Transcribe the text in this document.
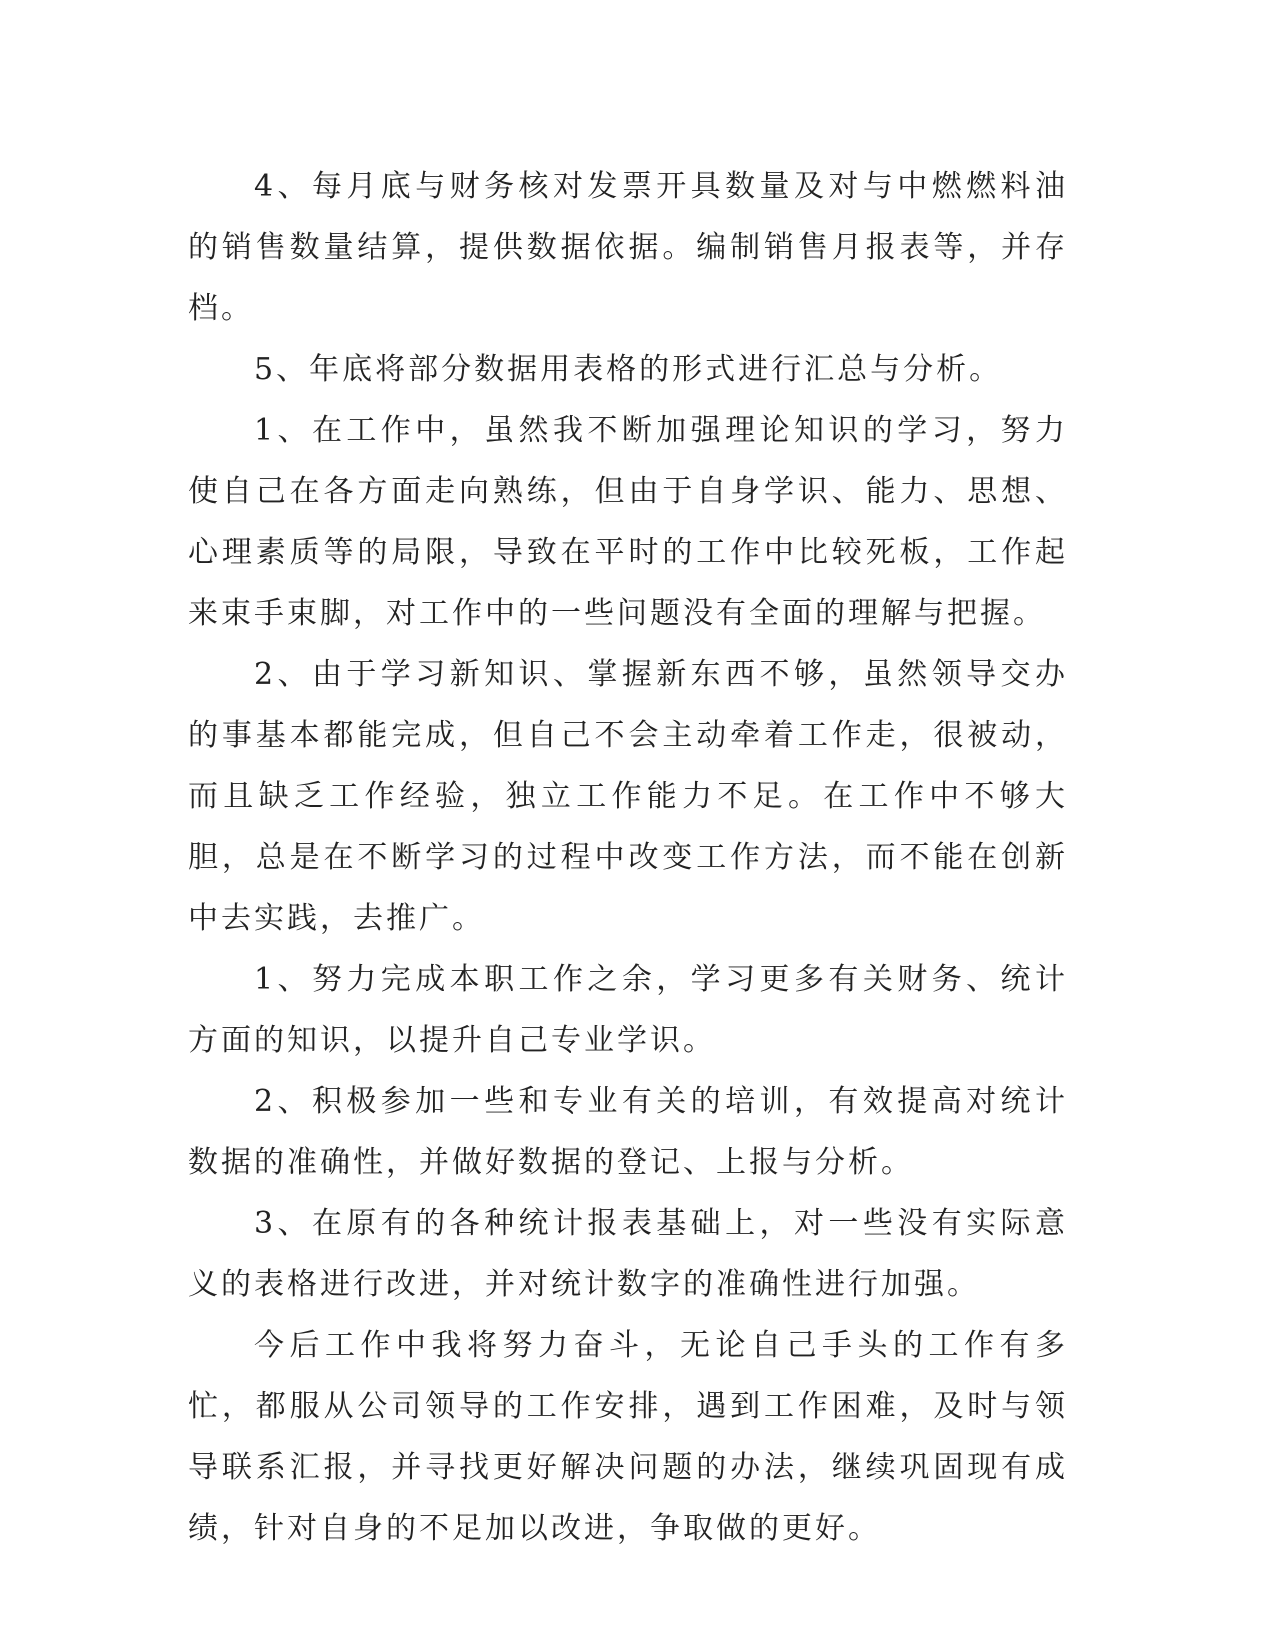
4、每月底与财务核对发票开具数量及对与中燃燃料油的销售数量结算，提供数据依据。编制销售月报表等，并存档。

5、年底将部分数据用表格的形式进行汇总与分析。

1、在工作中，虽然我不断加强理论知识的学习，努力使自己在各方面走向熟练，但由于自身学识、能力、思想、心理素质等的局限，导致在平时的工作中比较死板，工作起来束手束脚，对工作中的一些问题没有全面的理解与把握。

2、由于学习新知识、掌握新东西不够，虽然领导交办的事基本都能完成，但自己不会主动牵着工作走，很被动，而且缺乏工作经验，独立工作能力不足。在工作中不够大胆，总是在不断学习的过程中改变工作方法，而不能在创新中去实践，去推广。

1、努力完成本职工作之余，学习更多有关财务、统计方面的知识，以提升自己专业学识。

2、积极参加一些和专业有关的培训，有效提高对统计数据的准确性，并做好数据的登记、上报与分析。

3、在原有的各种统计报表基础上，对一些没有实际意义的表格进行改进，并对统计数字的准确性进行加强。

今后工作中我将努力奋斗，无论自己手头的工作有多忙，都服从公司领导的工作安排，遇到工作困难，及时与领导联系汇报，并寻找更好解决问题的办法，继续巩固现有成绩，针对自身的不足加以改进，争取做的更好。
